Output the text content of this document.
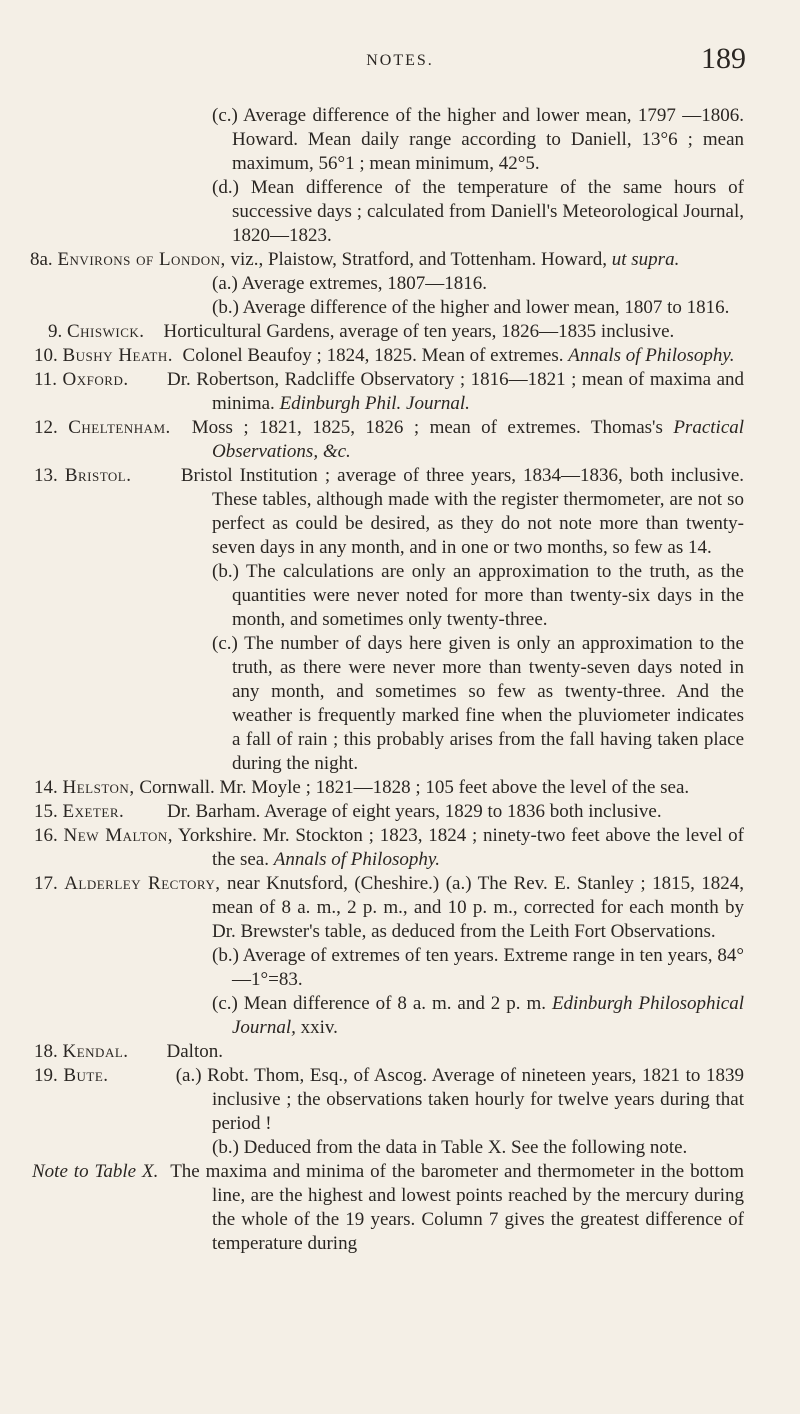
NOTES.	189

(c.) Average difference of the higher and lower mean, 1797 —1806. Howard. Mean daily range according to Daniell, 13°6 ; mean maximum, 56°1 ; mean minimum, 42°5.

(d.) Mean difference of the temperature of the same hours of successive days ; calculated from Daniell's Meteorological Journal, 1820—1823.

8a. Environs of London, viz., Plaistow, Stratford, and Tottenham. Howard, ut supra.

(a.) Average extremes, 1807—1816.

(b.) Average difference of the higher and lower mean, 1807 to 1816.

9. Chiswick. Horticultural Gardens, average of ten years, 1826—1835 inclusive.

10. Bushy Heath. Colonel Beaufoy ; 1824, 1825. Mean of extremes. Annals of Philosophy.

11. Oxford. Dr. Robertson, Radcliffe Observatory ; 1816—1821 ; mean of maxima and minima. Edinburgh Phil. Journal.

12. Cheltenham. Moss ; 1821, 1825, 1826 ; mean of extremes. Thomas's Practical Observations, &c.

13. Bristol.	Bristol Institution ; average of three years, 1834—1836, both inclusive. These tables, although made with the register thermometer, are not so perfect as could be desired, as they do not note more than twenty-seven days in any month, and in one or two months, so few as 14.

(b.) The calculations are only an approximation to the truth, as the quantities were never noted for more than twenty-six days in the month, and sometimes only twenty-three.

(c.) The number of days here given is only an approximation to the truth, as there were never more than twenty-seven days noted in any month, and sometimes so few as twenty-three. And the weather is frequently marked fine when the pluviometer indicates a fall of rain ; this probably arises from the fall having taken place during the night.

14. Helston, Cornwall. Mr. Moyle ; 1821—1828 ; 105 feet above the level of the sea.

15. Exeter. Dr. Barham. Average of eight years, 1829 to 1836 both inclusive.

16. New Malton, Yorkshire. Mr. Stockton ; 1823, 1824 ; ninety-two feet above the level of the sea. Annals of Philosophy.

17. Alderley Rectory, near Knutsford, (Cheshire.) (a.) The Rev. E. Stanley ; 1815, 1824, mean of 8 a. m., 2 p. m., and 10 p. m., corrected for each month by Dr. Brewster's table, as deduced from the Leith Fort Observations.

(b.) Average of extremes of ten years. Extreme range in ten years, 84°—1°=83.

(c.) Mean difference of 8 a. m. and 2 p. m. Edinburgh Philosophical Journal, xxiv.

18. Kendal. Dalton.

19. Bute.	(a.) Robt. Thom, Esq., of Ascog. Average of nineteen years, 1821 to 1839 inclusive ; the observations taken hourly for twelve years during that period !

(b.) Deduced from the data in Table X. See the following note.

Note to Table X. The maxima and minima of the barometer and thermometer in the bottom line, are the highest and lowest points reached by the mercury during the whole of the 19 years. Column 7 gives the greatest difference of temperature during
